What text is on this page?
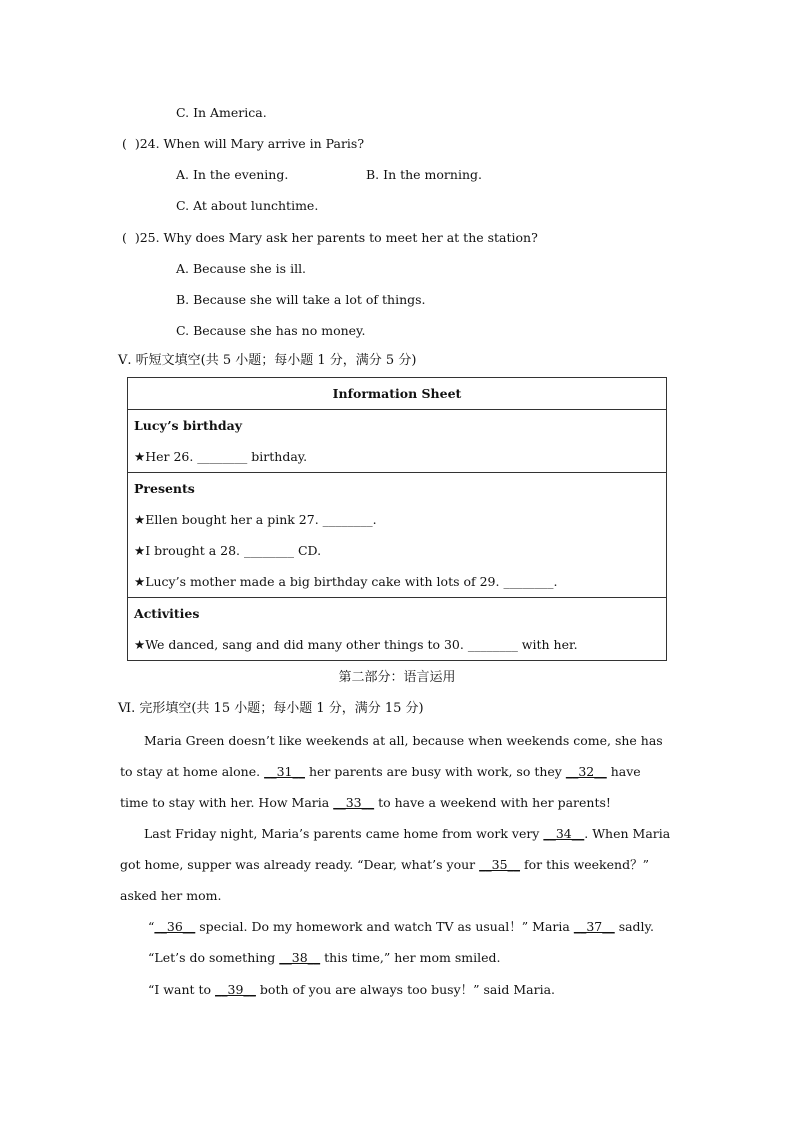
C. In America.
(  )24. When will Mary arrive in Paris?
A. In the evening.	B. In the morning.
C. At about lunchtime.
(  )25. Why does Mary ask her parents to meet her at the station?
A. Because she is ill.
B. Because she will take a lot of things.
C. Because she has no money.
Ⅴ. 听短文填空(共 5 小题；每小题 1 分，满分 5 分)
Information Sheet

Lucy’s birthday
★Her 26. ________ birthday.

Presents
★Ellen bought her a pink 27. ________.
★I brought a 28. ________ CD.
★Lucy’s mother made a big birthday cake with lots of 29. ________.

Activities
★We danced, sang and did many other things to 30. ________ with her.
第二部分：语言运用
Ⅵ. 完形填空(共 15 小题；每小题 1 分，满分 15 分)
Maria Green doesn’t like weekends at all, because when weekends come, she has
to stay at home alone. __31__ her parents are busy with work, so they __32__ have
time to stay with her. How Maria __33__ to have a weekend with her parents!
Last Friday night, Maria’s parents came home from work very __34__. When Maria
got home, supper was already ready. “Dear, what’s your __35__ for this weekend？”
asked her mom.
“__36__ special. Do my homework and watch TV as usual！” Maria __37__ sadly.
“Let’s do something __38__ this time,” her mom smiled.
“I want to __39__ both of you are always too busy！” said Maria.
